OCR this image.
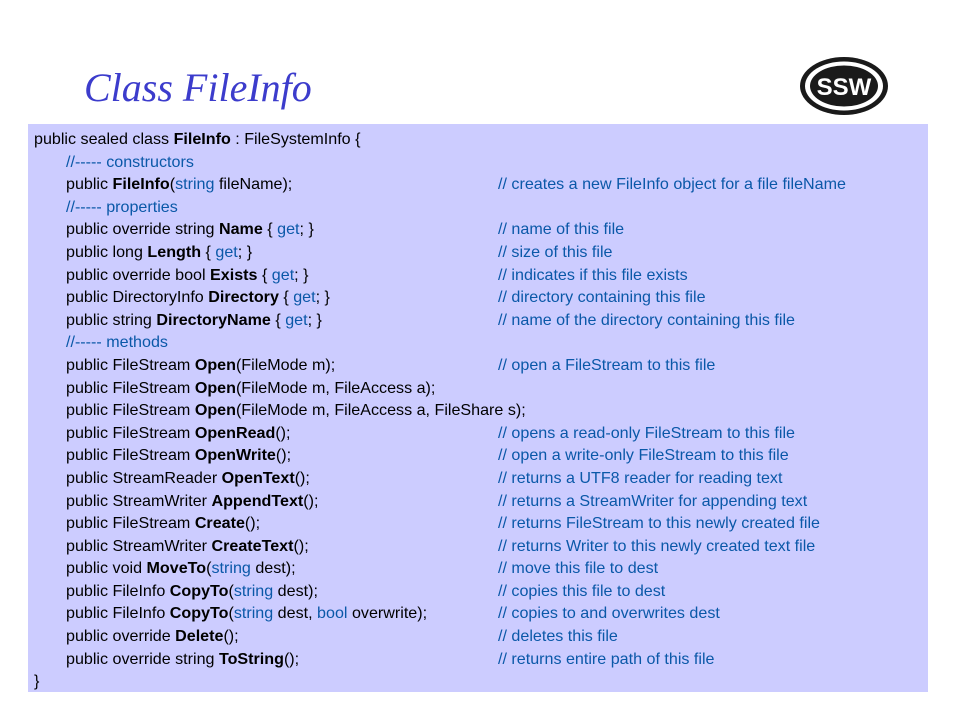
Class FileInfo	SSW
public sealed class FileInfo : FileSystemInfo {
//----- constructors
public FileInfo(string fileName);	// creates a new FileInfo object for a file fileName
//----- properties
public override string Name { get; }	// name of this file
public long Length { get; }	// size of this file
public override bool Exists { get; }	// indicates if this file exists
public DirectoryInfo Directory { get; }	// directory containing this file
public string DirectoryName { get; }	// name of the directory containing this file
//----- methods
public FileStream Open(FileMode m);	// open a FileStream to this file
public FileStream Open(FileMode m, FileAccess a);
public FileStream Open(FileMode m, FileAccess a, FileShare s);
public FileStream OpenRead();	// opens a read-only FileStream to this file
public FileStream OpenWrite();	// open a write-only FileStream to this file
public StreamReader OpenText();	// returns a UTF8 reader for reading text
public StreamWriter AppendText();	// returns a StreamWriter for appending text
public FileStream Create();	// returns FileStream to this newly created file
public StreamWriter CreateText();	// returns Writer to this newly created text file
public void MoveTo(string dest);	// move this file to dest
public FileInfo CopyTo(string dest);	// copies this file to dest
public FileInfo CopyTo(string dest, bool overwrite);	// copies to and overwrites dest
public override Delete();	// deletes this file
public override string ToString();	// returns entire path of this file
}
